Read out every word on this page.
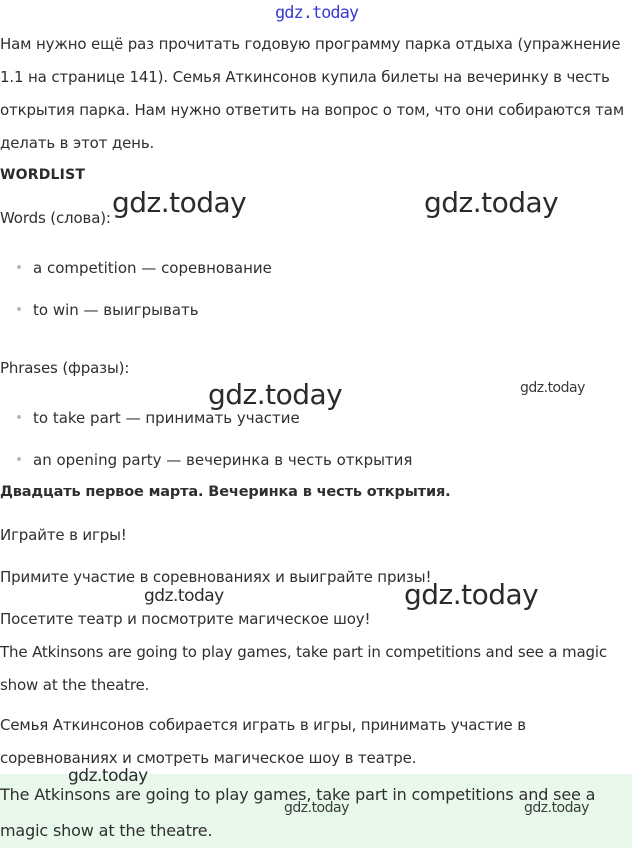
gdz.today
Нам нужно ещё раз прочитать годовую программу парка отдыха (упражнение
1.1 на странице 141). Семья Аткинсонов купила билеты на вечеринку в честь
открытия парка. Нам нужно ответить на вопрос о том, что они собираются там
делать в этот день.
WORDLIST
Words (слова):
a competition — соревнование
to win — выигрывать
Phrases (фразы):
to take part — принимать участие
an opening party — вечеринка в честь открытия
Двадцать первое марта. Вечеринка в честь открытия.
Играйте в игры!
Примите участие в соревнованиях и выиграйте призы!
Посетите театр и посмотрите магическое шоу!
The Atkinsons are going to play games, take part in competitions and see a magic
show at the theatre.
Семья Аткинсонов собирается играть в игры, принимать участие в
соревнованиях и смотреть магическое шоу в театре.
The Atkinsons are going to play games, take part in competitions and see a
magic show at the theatre.
gdz.today	gdz.today
gdz.today	gdz.today
gdz.today	gdz.today
gdz.today
gdz.today	gdz.today
